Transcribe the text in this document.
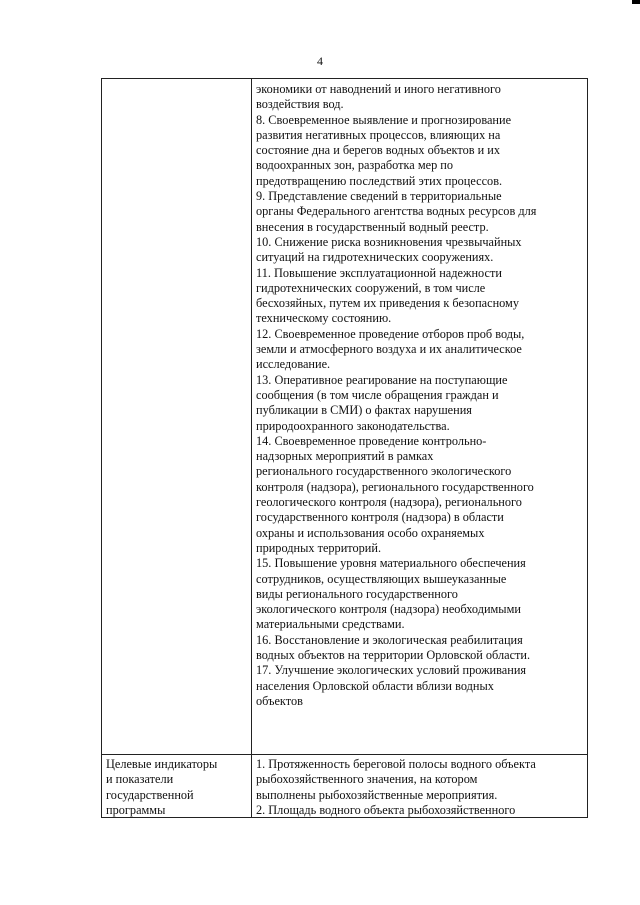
4
экономики от наводнений и иного негативного
воздействия вод.
8. Своевременное выявление и прогнозирование
развития негативных процессов, влияющих на
состояние дна и берегов водных объектов и их
водоохранных зон, разработка мер по
предотвращению последствий этих процессов.
9. Представление сведений в территориальные
органы Федерального агентства водных ресурсов для
внесения в государственный водный реестр.
10. Снижение риска возникновения чрезвычайных
ситуаций на гидротехнических сооружениях.
11. Повышение эксплуатационной надежности
гидротехнических сооружений, в том числе
бесхозяйных, путем их приведения к безопасному
техническому состоянию.
12. Своевременное проведение отборов проб воды,
земли и атмосферного воздуха и их аналитическое
исследование.
13. Оперативное реагирование на поступающие
сообщения (в том числе обращения граждан и
публикации в СМИ) о фактах нарушения
природоохранного законодательства.
14. Своевременное проведение контрольно-
надзорных мероприятий в рамках
регионального государственного экологического
контроля (надзора), регионального государственного
геологического контроля (надзора), регионального
государственного контроля (надзора) в области
охраны и использования особо охраняемых
природных территорий.
15. Повышение уровня материального обеспечения
сотрудников, осуществляющих вышеуказанные
виды регионального государственного
экологического контроля (надзора) необходимыми
материальными средствами.
16. Восстановление и экологическая реабилитация
водных объектов на территории Орловской области.
17. Улучшение экологических условий проживания
населения Орловской области вблизи водных
объектов
Целевые индикаторы
и показатели
государственной
программы
1. Протяженность береговой полосы водного объекта
рыбохозяйственного значения, на котором
выполнены рыбохозяйственные мероприятия.
2. Площадь водного объекта рыбохозяйственного
